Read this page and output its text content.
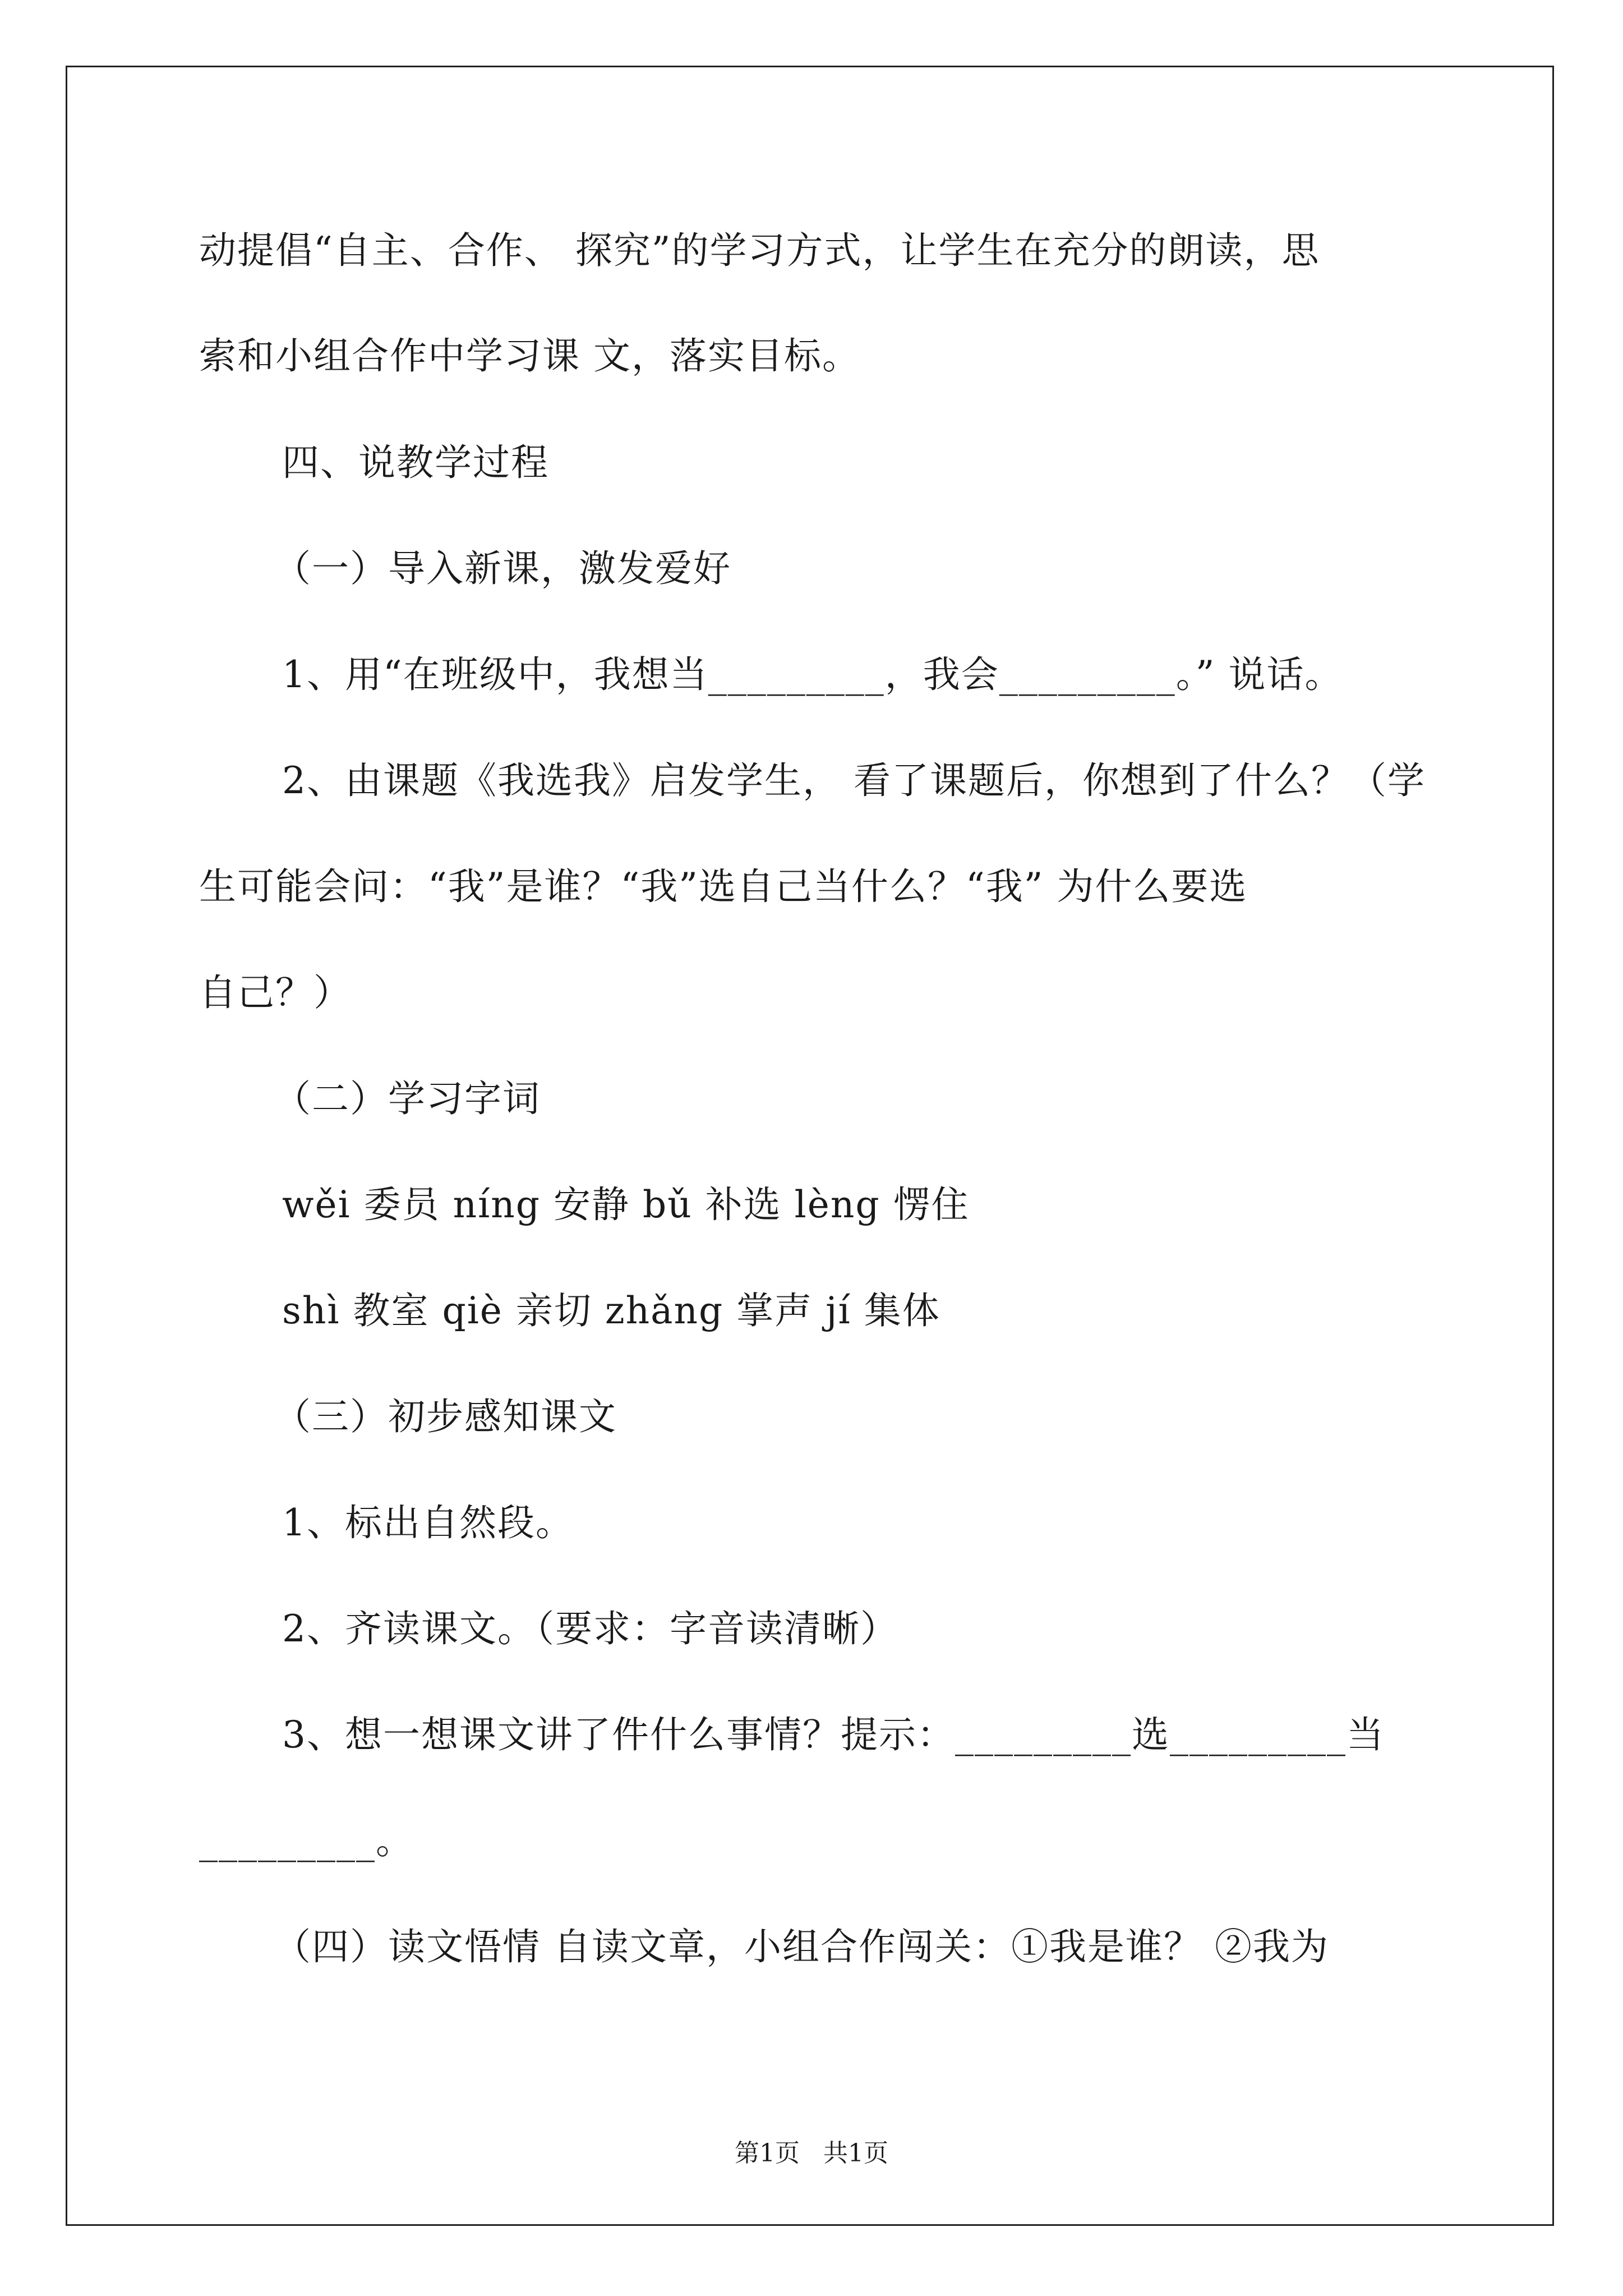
动提倡“自主、合作、 探究”的学习方式，让学生在充分的朗读，思
索和小组合作中学习课 文，落实目标。
四、说教学过程
（一）导入新课，激发爱好
1、用“在班级中，我想当_________，我会_________。” 说话。
2、由课题《我选我》启发学生， 看了课题后，你想到了什么？（学
生可能会问：“我”是谁？“我”选自己当什么？“我” 为什么要选
自己？）
（二）学习字词
wěi 委员 níng 安静 bǔ 补选 lèng 愣住
shì 教室 qiè 亲切 zhǎng 掌声 jí 集体
（三）初步感知课文
1、标出自然段。
2、齐读课文。（要求：字音读清晰）
3、想一想课文讲了件什么事情？提示：_________选_________当
_________。
（四）读文悟情 自读文章，小组合作闯关：①我是谁？ ②我为
第1页   共1页
